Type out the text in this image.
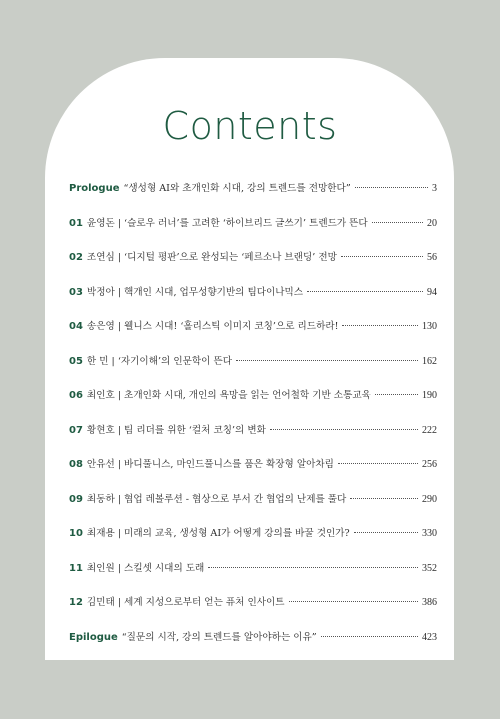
Contents
Prologue “생성형 AI와 초개인화 시대, 강의 트렌드를 전망한다”	3
01 윤영돈 | ‘슬로우 러너’를 고려한 ‘하이브리드 글쓰기’ 트렌드가 뜬다	20
02 조연심 | ‘디지털 평판’으로 완성되는 ‘페르소나 브랜딩’ 전망	56
03 박정아 | 핵개인 시대, 업무성향기반의 팀다이나믹스	94
04 송은영 | 웰니스 시대! ‘홀리스틱 이미지 코칭’으로 리드하라!	130
05 한 민 | ‘자기이해’의 인문학이 뜬다	162
06 최인호 | 초개인화 시대, 개인의 욕망을 읽는 언어철학 기반 소통교육	190
07 황현호 | 팀 리더를 위한 ‘컬처 코칭’의 변화	222
08 안유선 | 바디풀니스, 마인드풀니스를 품은 확장형 알아차림	256
09 최동하 | 협업 레볼루션 - 협상으로 부서 간 협업의 난제를 풀다	290
10 최재용 | 미래의 교육, 생성형 AI가 어떻게 강의를 바꿀 것인가?	330
11 최인원 | 스킬셋 시대의 도래	352
12 김민태 | 세계 지성으로부터 얻는 퓨처 인사이트	386
Epilogue “질문의 시작, 강의 트렌드를 알아야하는 이유”	423
